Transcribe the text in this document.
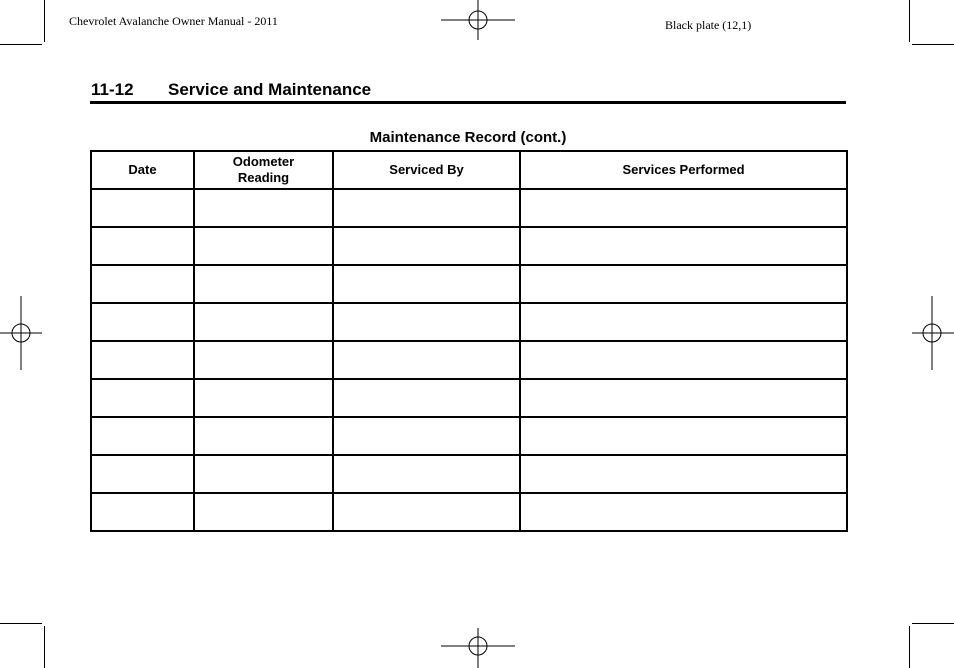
Chevrolet Avalanche Owner Manual - 2011	Black plate (12,1)
11-12 Service and Maintenance
Maintenance Record (cont.)
Date	Odometer Reading	Serviced By	Services Performed
